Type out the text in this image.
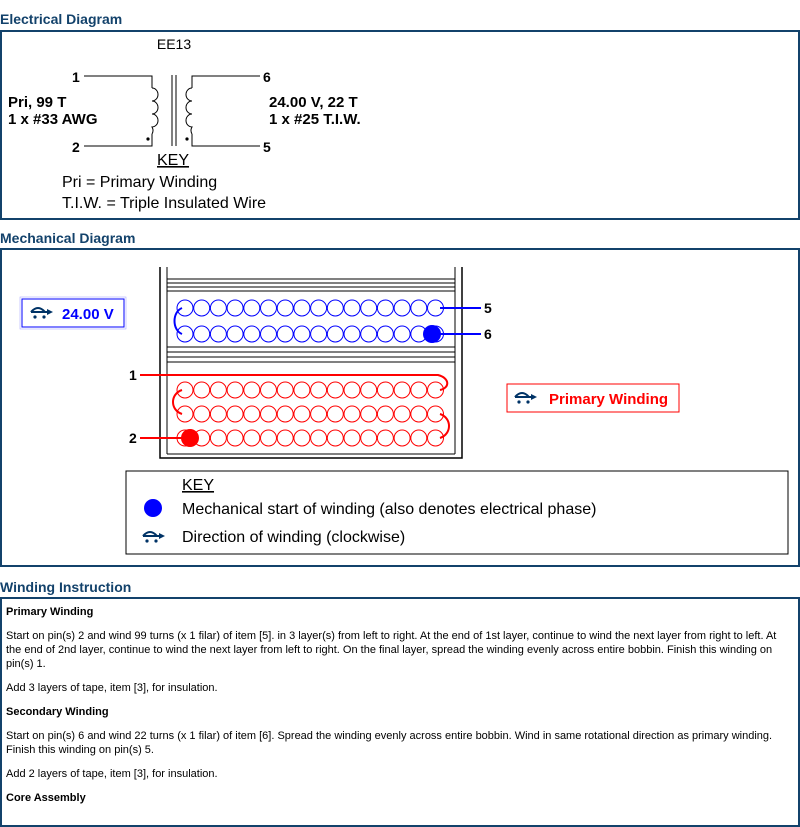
Electrical Diagram
EE13
1
2
6
5
Pri, 99 T
1 x #33 AWG
24.00 V, 22 T
1 x #25 T.I.W.
KEY
Pri = Primary Winding
T.I.W. = Triple Insulated Wire
Mechanical Diagram
5
6
1
2
24.00 V
Primary Winding
KEY
Mechanical start of winding (also denotes electrical phase)
Direction of winding (clockwise)
Winding Instruction
Primary Winding

Start on pin(s) 2 and wind 99 turns (x 1 filar) of item [5]. in 3 layer(s) from left to right. At the end of 1st layer, continue to wind the next layer from right to left. At the end of 2nd layer, continue to wind the next layer from left to right. On the final layer, spread the winding evenly across entire bobbin. Finish this winding on pin(s) 1.

Add 3 layers of tape, item [3], for insulation.

Secondary Winding

Start on pin(s) 6 and wind 22 turns (x 1 filar) of item [6]. Spread the winding evenly across entire bobbin. Wind in same rotational direction as primary winding. Finish this winding on pin(s) 5.

Add 2 layers of tape, item [3], for insulation.

Core Assembly
